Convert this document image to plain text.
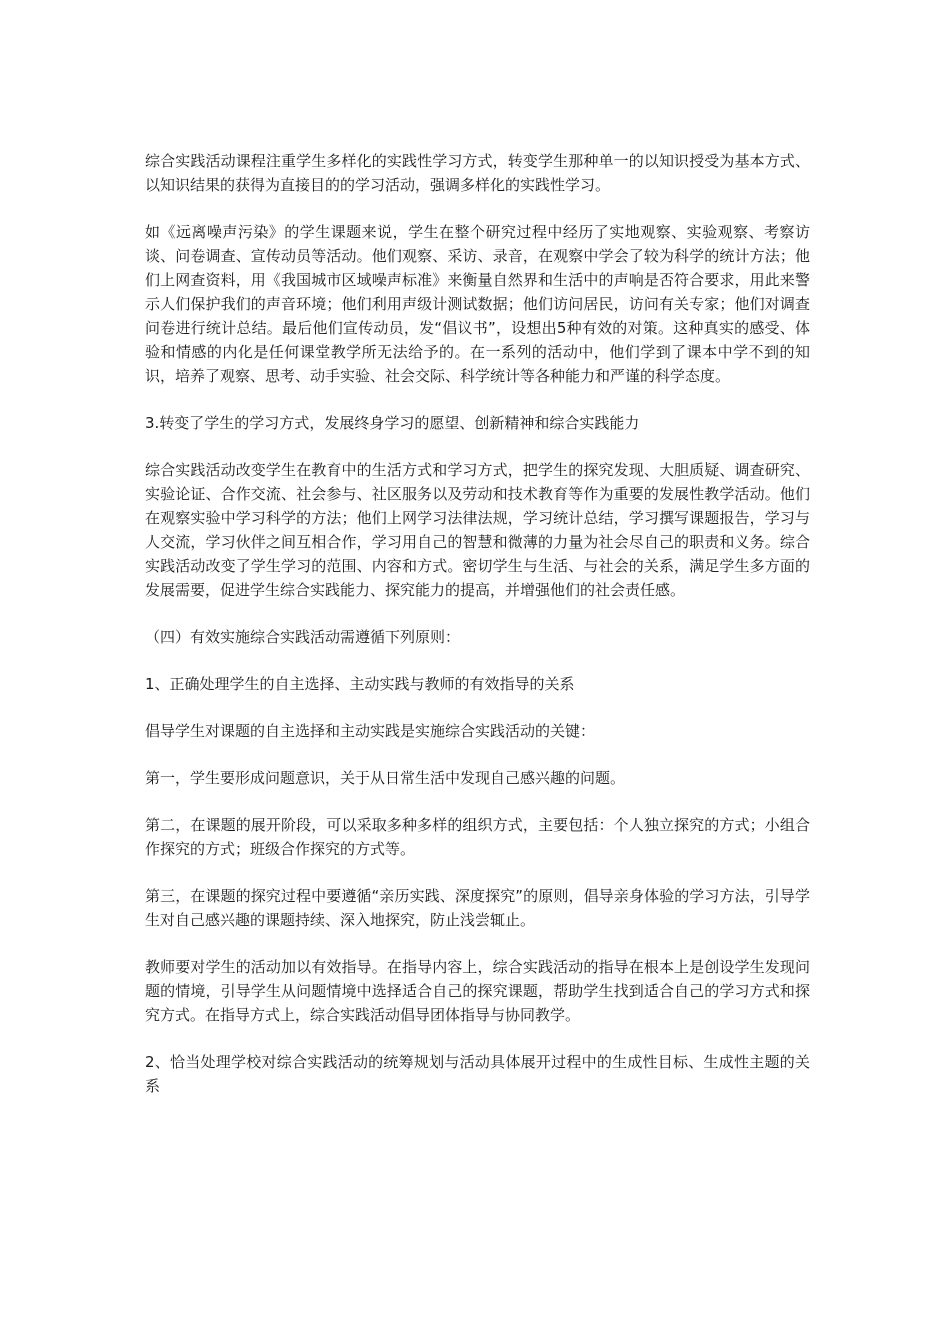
综合实践活动课程注重学生多样化的实践性学习方式，转变学生那种单一的以知识授受为基本方式、以知识结果的获得为直接目的的学习活动，强调多样化的实践性学习。

如《远离噪声污染》的学生课题来说，学生在整个研究过程中经历了实地观察、实验观察、考察访谈、问卷调查、宣传动员等活动。他们观察、采访、录音，在观察中学会了较为科学的统计方法；他们上网查资料，用《我国城市区域噪声标准》来衡量自然界和生活中的声响是否符合要求，用此来警示人们保护我们的声音环境；他们利用声级计测试数据；他们访问居民，访问有关专家；他们对调查问卷进行统计总结。最后他们宣传动员，发“倡议书”，设想出5种有效的对策。这种真实的感受、体验和情感的内化是任何课堂教学所无法给予的。在一系列的活动中，他们学到了课本中学不到的知识，培养了观察、思考、动手实验、社会交际、科学统计等各种能力和严谨的科学态度。

3.转变了学生的学习方式，发展终身学习的愿望、创新精神和综合实践能力

综合实践活动改变学生在教育中的生活方式和学习方式，把学生的探究发现、大胆质疑、调查研究、实验论证、合作交流、社会参与、社区服务以及劳动和技术教育等作为重要的发展性教学活动。他们在观察实验中学习科学的方法；他们上网学习法律法规，学习统计总结，学习撰写课题报告，学习与人交流，学习伙伴之间互相合作，学习用自己的智慧和微薄的力量为社会尽自己的职责和义务。综合实践活动改变了学生学习的范围、内容和方式。密切学生与生活、与社会的关系，满足学生多方面的发展需要，促进学生综合实践能力、探究能力的提高，并增强他们的社会责任感。

（四）有效实施综合实践活动需遵循下列原则：

1、正确处理学生的自主选择、主动实践与教师的有效指导的关系

倡导学生对课题的自主选择和主动实践是实施综合实践活动的关键：

第一，学生要形成问题意识，关于从日常生活中发现自己感兴趣的问题。

第二，在课题的展开阶段，可以采取多种多样的组织方式，主要包括：个人独立探究的方式；小组合作探究的方式；班级合作探究的方式等。

第三，在课题的探究过程中要遵循“亲历实践、深度探究”的原则，倡导亲身体验的学习方法，引导学生对自己感兴趣的课题持续、深入地探究，防止浅尝辄止。

教师要对学生的活动加以有效指导。在指导内容上，综合实践活动的指导在根本上是创设学生发现问题的情境，引导学生从问题情境中选择适合自己的探究课题，帮助学生找到适合自己的学习方式和探究方式。在指导方式上，综合实践活动倡导团体指导与协同教学。

2、恰当处理学校对综合实践活动的统筹规划与活动具体展开过程中的生成性目标、生成性主题的关系
